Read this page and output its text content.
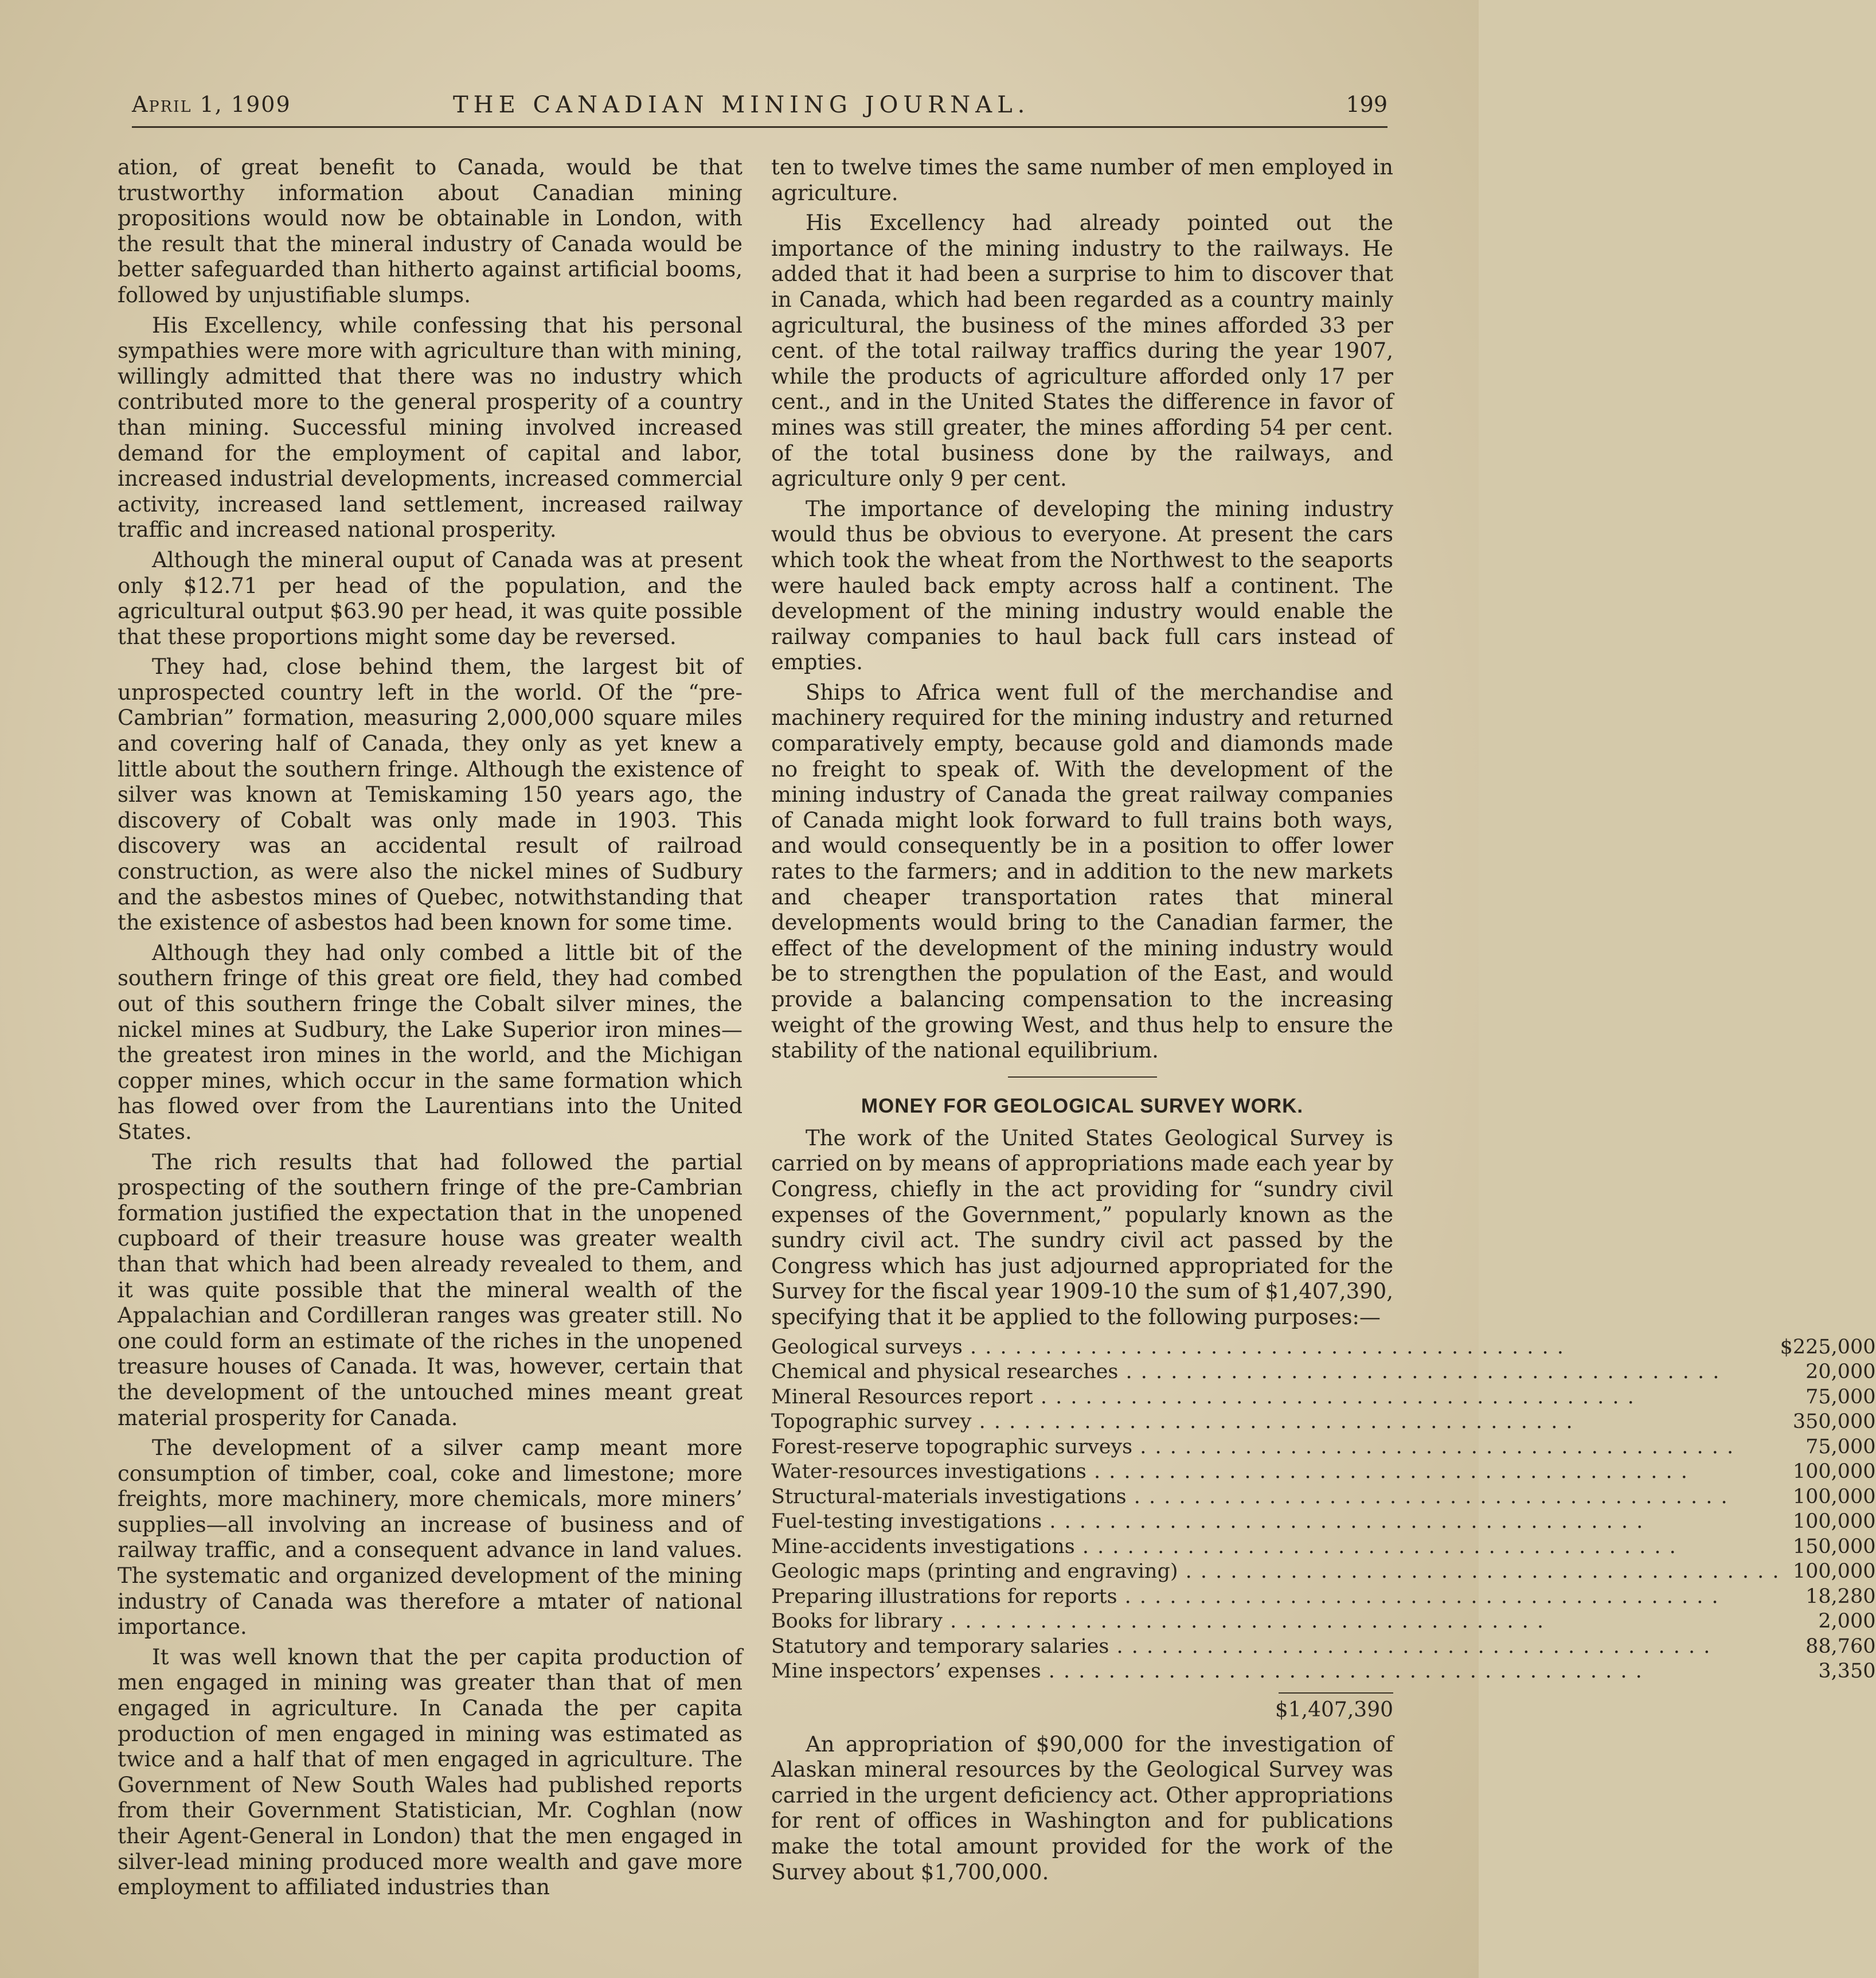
April 1, 1909	THE CANADIAN MINING JOURNAL.	199

ation, of great benefit to Canada, would be that trustworthy information about Canadian mining propositions would now be obtainable in London, with the result that the mineral industry of Canada would be better safeguarded than hitherto against artificial booms, followed by unjustifiable slumps.

His Excellency, while confessing that his personal sympathies were more with agriculture than with mining, willingly admitted that there was no industry which contributed more to the general prosperity of a country than mining. Successful mining involved increased demand for the employment of capital and labor, increased industrial developments, increased commercial activity, increased land settlement, increased railway traffic and increased national prosperity.

Although the mineral ouput of Canada was at present only $12.71 per head of the population, and the agricultural output $63.90 per head, it was quite possible that these proportions might some day be reversed.

They had, close behind them, the largest bit of unprospected country left in the world. Of the “pre-Cambrian” formation, measuring 2,000,000 square miles and covering half of Canada, they only as yet knew a little about the southern fringe. Although the existence of silver was known at Temiskaming 150 years ago, the discovery of Cobalt was only made in 1903. This discovery was an accidental result of railroad construction, as were also the nickel mines of Sudbury and the asbestos mines of Quebec, notwithstanding that the existence of asbestos had been known for some time.

Although they had only combed a little bit of the southern fringe of this great ore field, they had combed out of this southern fringe the Cobalt silver mines, the nickel mines at Sudbury, the Lake Superior iron mines—the greatest iron mines in the world, and the Michigan copper mines, which occur in the same formation which has flowed over from the Laurentians into the United States.

The rich results that had followed the partial prospecting of the southern fringe of the pre-Cambrian formation justified the expectation that in the unopened cupboard of their treasure house was greater wealth than that which had been already revealed to them, and it was quite possible that the mineral wealth of the Appalachian and Cordilleran ranges was greater still. No one could form an estimate of the riches in the unopened treasure houses of Canada. It was, however, certain that the development of the untouched mines meant great material prosperity for Canada.

The development of a silver camp meant more consumption of timber, coal, coke and limestone; more freights, more machinery, more chemicals, more miners’ supplies—all involving an increase of business and of railway traffic, and a consequent advance in land values. The systematic and organized development of the mining industry of Canada was therefore a mtater of national importance.

It was well known that the per capita production of men engaged in mining was greater than that of men engaged in agriculture. In Canada the per capita production of men engaged in mining was estimated as twice and a half that of men engaged in agriculture. The Government of New South Wales had published reports from their Government Statistician, Mr. Coghlan (now their Agent-General in London) that the men engaged in silver-lead mining produced more wealth and gave more employment to affiliated industries than

ten to twelve times the same number of men employed in agriculture.

His Excellency had already pointed out the importance of the mining industry to the railways. He added that it had been a surprise to him to discover that in Canada, which had been regarded as a country mainly agricultural, the business of the mines afforded 33 per cent. of the total railway traffics during the year 1907, while the products of agriculture afforded only 17 per cent., and in the United States the difference in favor of mines was still greater, the mines affording 54 per cent. of the total business done by the railways, and agriculture only 9 per cent.

The importance of developing the mining industry would thus be obvious to everyone. At present the cars which took the wheat from the Northwest to the seaports were hauled back empty across half a continent. The development of the mining industry would enable the railway companies to haul back full cars instead of empties.

Ships to Africa went full of the merchandise and machinery required for the mining industry and returned comparatively empty, because gold and diamonds made no freight to speak of. With the development of the mining industry of Canada the great railway companies of Canada might look forward to full trains both ways, and would consequently be in a position to offer lower rates to the farmers; and in addition to the new markets and cheaper transportation rates that mineral developments would bring to the Canadian farmer, the effect of the development of the mining industry would be to strengthen the population of the East, and would provide a balancing compensation to the increasing weight of the growing West, and thus help to ensure the stability of the national equilibrium.

MONEY FOR GEOLOGICAL SURVEY WORK.

The work of the United States Geological Survey is carried on by means of appropriations made each year by Congress, chiefly in the act providing for “sundry civil expenses of the Government,” popularly known as the sundry civil act. The sundry civil act passed by the Congress which has just adjourned appropriated for the Survey for the fiscal year 1909-10 the sum of $1,407,390, specifying that it be applied to the following purposes:—

Geological surveys . . .	$225,000
Chemical and physical researches . . .	20,000
Mineral Resources report . . .	75,000
Topographic survey . . .	350,000
Forest-reserve topographic surveys . . .	75,000
Water-resources investigations . . .	100,000
Structural-materials investigations . . .	100,000
Fuel-testing investigations . . .	100,000
Mine-accidents investigations . . .	150,000
Geologic maps (printing and engraving) . . .	100,000
Preparing illustrations for reports . . .	18,280
Books for library . . .	2,000
Statutory and temporary salaries . . .	88,760
Mine inspectors’ expenses . . .	3,350
$1,407,390

An appropriation of $90,000 for the investigation of Alaskan mineral resources by the Geological Survey was carried in the urgent deficiency act. Other appropriations for rent of offices in Washington and for publications make the total amount provided for the work of the Survey about $1,700,000.
